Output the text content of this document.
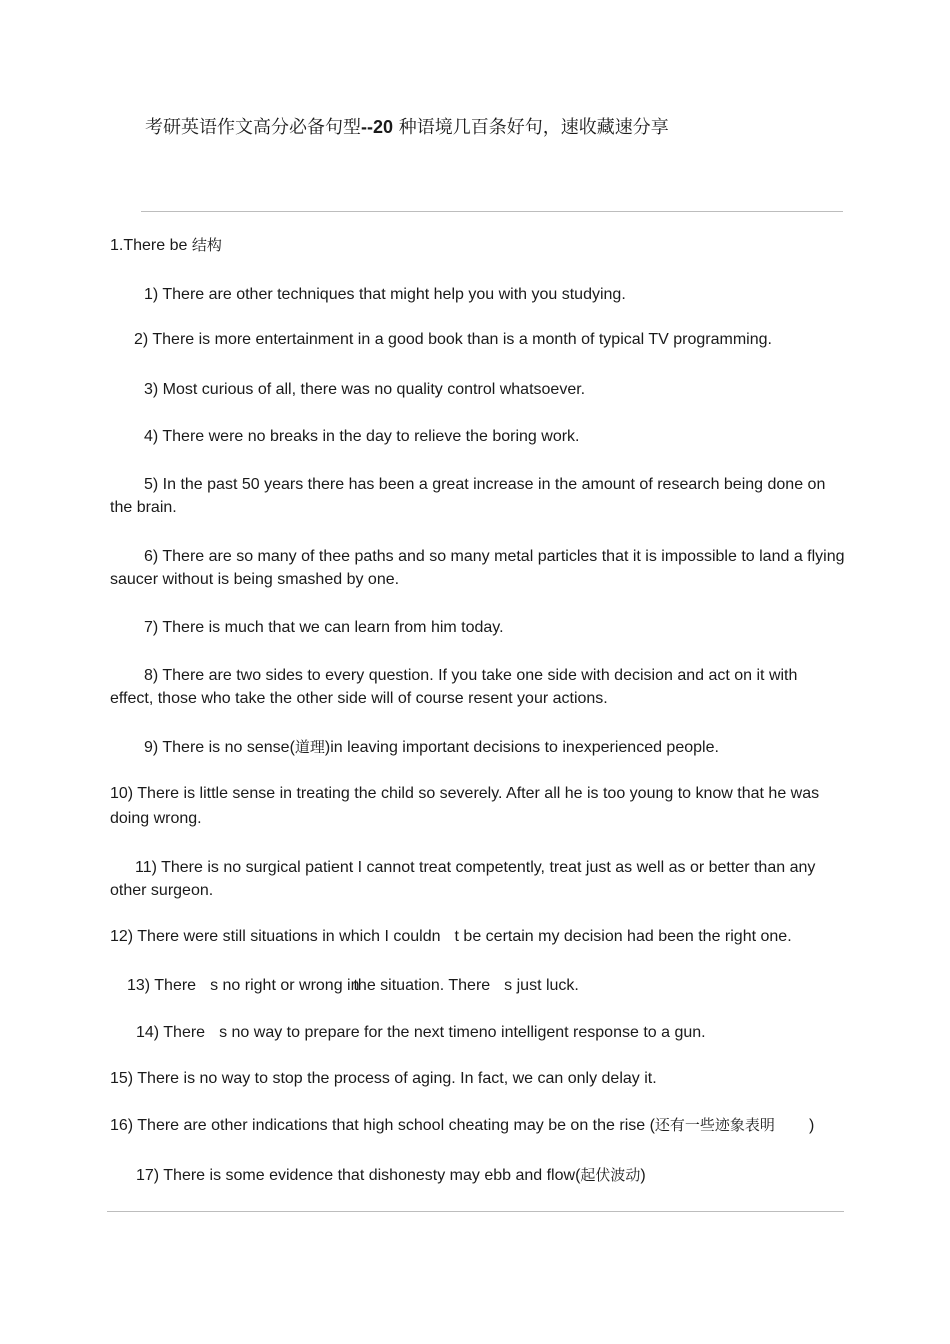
考研英语作文高分必备句型--20 种语境几百条好句，速收藏速分享
1.There be 结构
1) There are other techniques that might help you with you studying.
2) There is more entertainment in a good book than is a month of typical TV programming.
3) Most curious of all, there was no quality control whatsoever.
4) There were no breaks in the day to relieve the boring work.
5) In the past 50 years there has been a great increase in the amount of research being done on the brain.
6) There are so many of thee paths and so many metal particles that it is impossible to land a flying saucer without is being smashed by one.
7) There is much that we can learn from him today.
8) There are two sides to every question. If you take one side with decision and act on it with effect, those who take the other side will of course resent your actions.
9) There is no sense(道理)in leaving important decisions to inexperienced people.
10) There is little sense in treating the child so severely. After all he is too young to know that he was doing wrong.
11) There is no surgical patient I cannot treat competently, treat just as well as or better than any other surgeon.
12) There were still situations in which I couldn t be certain my decision had been the right one.
13) There s no right or wrong inthe situation. There s just luck.
14) There s no way to prepare for the next timeno intelligent response to a gun.
15) There is no way to stop the process of aging. In fact, we can only delay it.
16) There are other indications that high school cheating may be on the rise (还有一些迹象表明 )
17) There is some evidence that dishonesty may ebb and flow(起伏波动)
